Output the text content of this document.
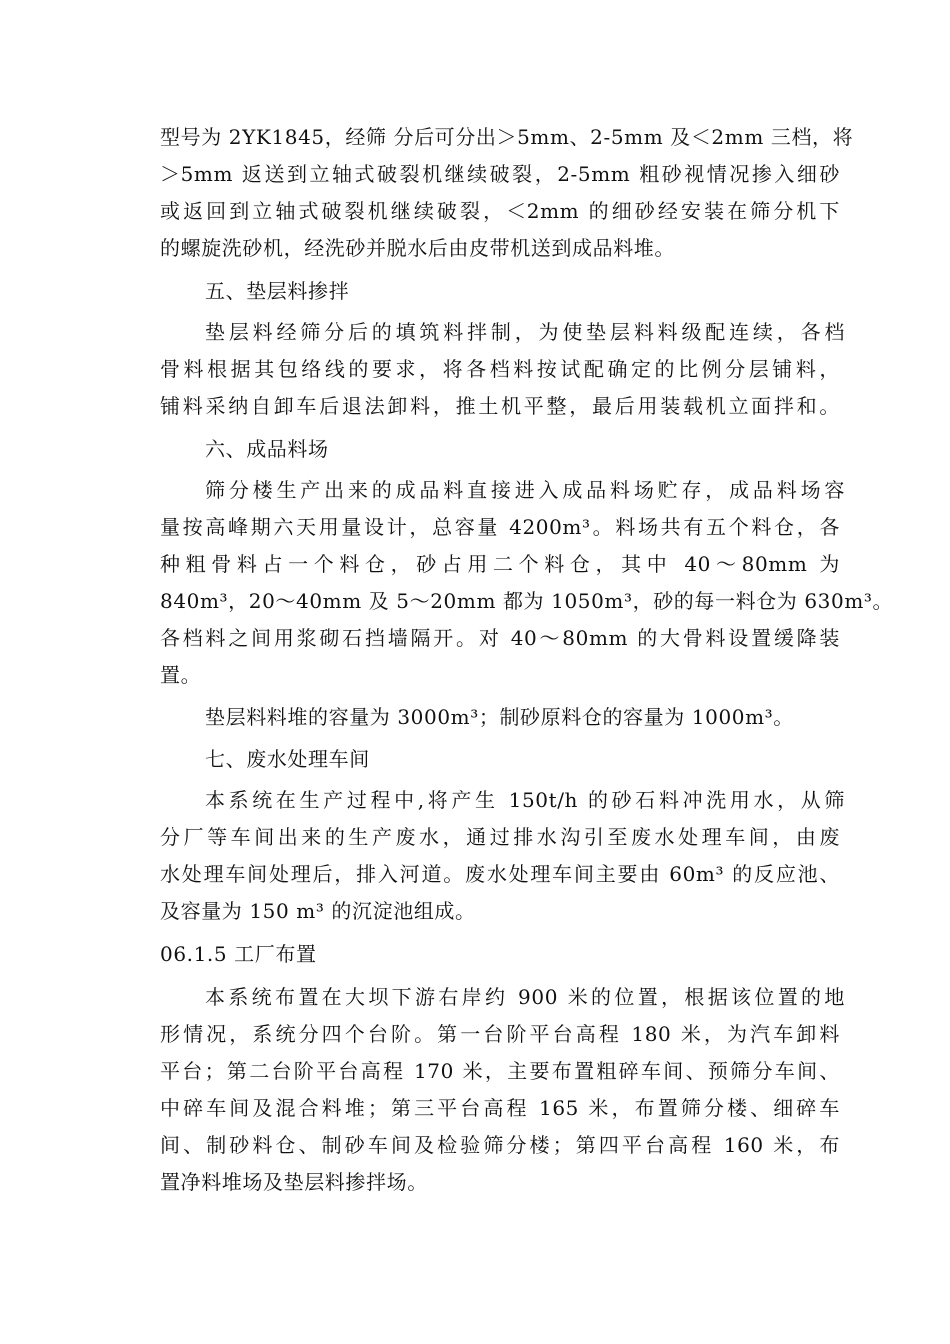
型号为 2YK1845，经筛 分后可分出＞5mm、2-5mm 及＜2mm 三档，将
＞5mm 返送到立轴式破裂机继续破裂，2-5mm 粗砂视情况掺入细砂
或返回到立轴式破裂机继续破裂，＜2mm 的细砂经安装在筛分机下
的螺旋洗砂机，经洗砂并脱水后由皮带机送到成品料堆。
五、垫层料掺拌
垫层料经筛分后的填筑料拌制，为使垫层料料级配连续，各档
骨料根据其包络线的要求，将各档料按试配确定的比例分层铺料，
铺料采纳自卸车后退法卸料，推土机平整，最后用装载机立面拌和。
六、成品料场
筛分楼生产出来的成品料直接进入成品料场贮存，成品料场容
量按高峰期六天用量设计，总容量 4200m³。料场共有五个料仓，各
种粗骨料占一个料仓，砂占用二个料仓，其中 40～80mm 为
840m³，20～40mm 及 5～20mm 都为 1050m³，砂的每一料仓为 630m³。
各档料之间用浆砌石挡墙隔开。对 40～80mm 的大骨料设置缓降装
置。
垫层料料堆的容量为 3000m³；制砂原料仓的容量为 1000m³。
七、废水处理车间
本系统在生产过程中,将产生 150t/h 的砂石料冲洗用水，从筛
分厂等车间出来的生产废水，通过排水沟引至废水处理车间，由废
水处理车间处理后，排入河道。废水处理车间主要由 60m³ 的反应池、
及容量为 150 m³ 的沉淀池组成。
06.1.5 工厂布置
本系统布置在大坝下游右岸约 900 米的位置，根据该位置的地
形情况，系统分四个台阶。第一台阶平台高程 180 米，为汽车卸料
平台；第二台阶平台高程 170 米，主要布置粗碎车间、预筛分车间、
中碎车间及混合料堆；第三平台高程 165 米，布置筛分楼、细碎车
间、制砂料仓、制砂车间及检验筛分楼；第四平台高程 160 米，布
置净料堆场及垫层料掺拌场。
